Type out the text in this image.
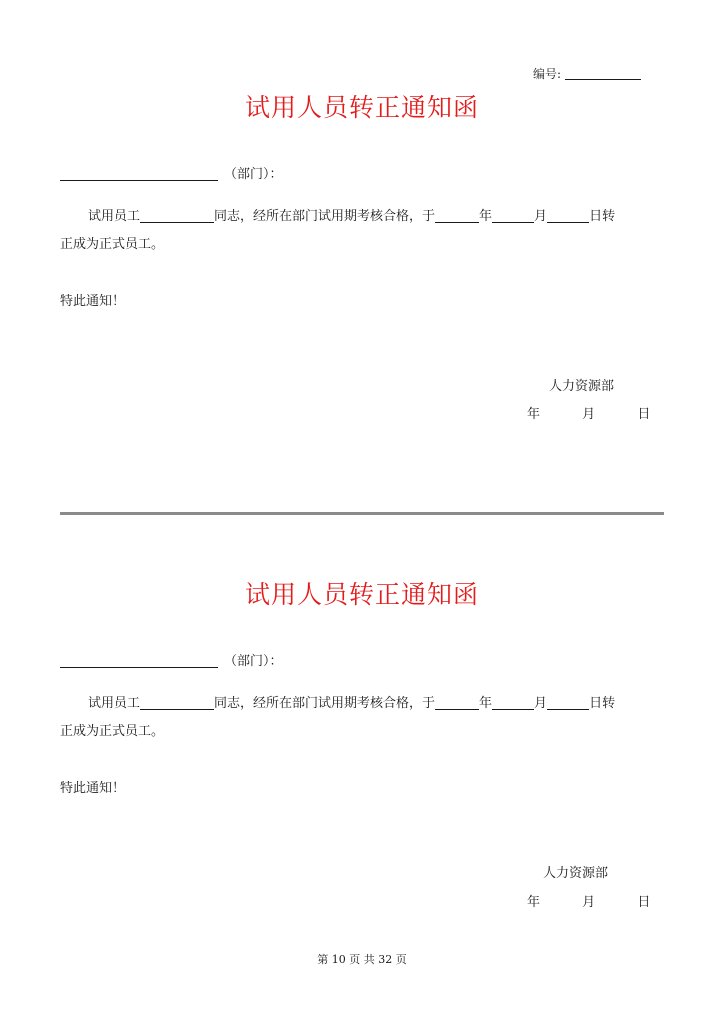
编号:
试用人员转正通知函
（部门）：
试用员工	同志，经所在部门试用期考核合格，于	年	月	日转
正成为正式员工。
特此通知！
人力资源部
年	月	日
试用人员转正通知函
（部门）：
试用员工	同志，经所在部门试用期考核合格，于	年	月	日转
正成为正式员工。
特此通知！
人力资源部
年	月	日
第 10 页 共 32 页
